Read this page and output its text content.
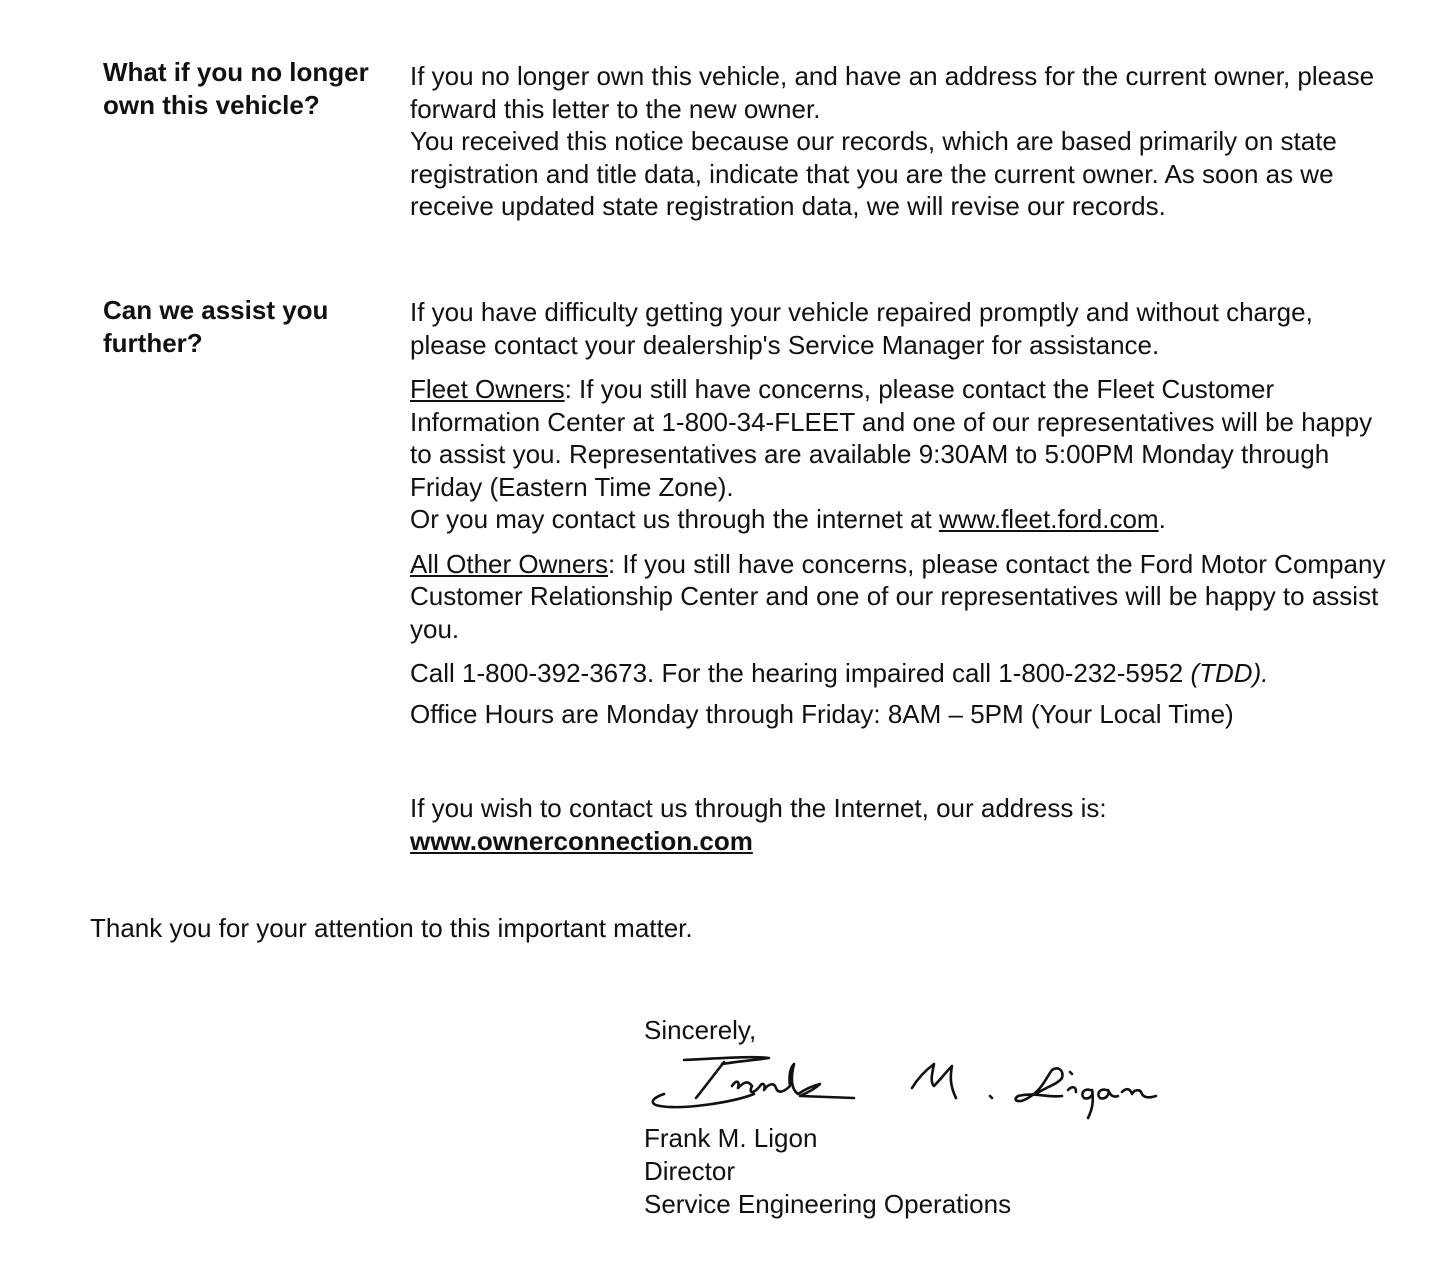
What if you no longer own this vehicle?

If you no longer own this vehicle, and have an address for the current owner, please forward this letter to the new owner.

You received this notice because our records, which are based primarily on state registration and title data, indicate that you are the current owner. As soon as we receive updated state registration data, we will revise our records.

Can we assist you further?

If you have difficulty getting your vehicle repaired promptly and without charge, please contact your dealership's Service Manager for assistance.

Fleet Owners: If you still have concerns, please contact the Fleet Customer Information Center at 1-800-34-FLEET and one of our representatives will be happy to assist you. Representatives are available 9:30AM to 5:00PM Monday through Friday (Eastern Time Zone).

Or you may contact us through the internet at www.fleet.ford.com.

All Other Owners: If you still have concerns, please contact the Ford Motor Company Customer Relationship Center and one of our representatives will be happy to assist you.

Call 1-800-392-3673. For the hearing impaired call 1-800-232-5952 (TDD).

Office Hours are Monday through Friday: 8AM – 5PM (Your Local Time)

If you wish to contact us through the Internet, our address is:

www.ownerconnection.com

Thank you for your attention to this important matter.
Sincerely,
Frank M. Ligon
Director
Service Engineering Operations
